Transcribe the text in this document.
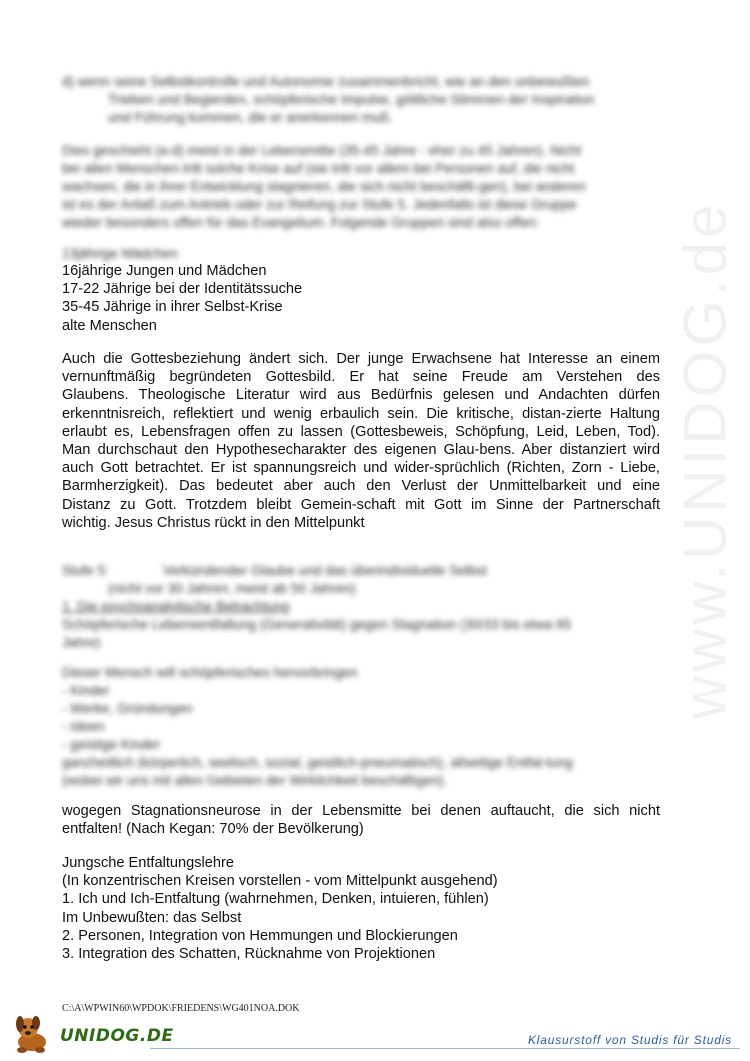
www.UNIDOG.de
d) wenn seine Selbstkontrolle und Autonomie zusammenbricht, wie an den unbewußten
Trieben und Begierden, schöpferische Impulse, göttliche Stimmen der Inspiration
und Führung kommen, die er anerkennen muß.
Dies geschieht (a-d) meist in der Lebensmitte (35-45 Jahre - eher zu 45 Jahren). Nicht
bei allen Menschen tritt solche Krise auf (sie tritt vor allem bei Personen auf, die nicht
wachsen, die in ihrer Entwicklung stagnieren, die sich nicht beschäfti-gen), bei anderen
ist es der Anlaß zum Antrieb oder zur Reifung zur Stufe 5. Jedenfalls ist diese Gruppe
wieder besonders offen für das Evangelium. Folgende Gruppen sind also offen:
13jährige Mädchen
16jährige Jungen und Mädchen
17-22 Jährige bei der Identitätssuche
35-45 Jährige in ihrer Selbst-Krise
alte Menschen
Auch die Gottesbeziehung ändert sich. Der junge Erwachsene hat Interesse an einem
vernunftmäßig begründeten Gottesbild. Er hat seine Freude am Verstehen des
Glaubens. Theologische Literatur wird aus Bedürfnis gelesen und Andachten dürfen
erkenntnisreich, reflektiert und wenig erbaulich sein. Die kritische, distan-zierte Haltung
erlaubt es, Lebensfragen offen zu lassen (Gottesbeweis, Schöpfung, Leid, Leben, Tod).
Man durchschaut den Hypothesecharakter des eigenen Glau-bens. Aber distanziert wird
auch Gott betrachtet. Er ist spannungsreich und wider-sprüchlich (Richten, Zorn - Liebe,
Barmherzigkeit). Das bedeutet aber auch den Verlust der Unmittelbarkeit und eine
Distanz zu Gott. Trotzdem bleibt Gemein-schaft mit Gott im Sinne der Partnerschaft
wichtig. Jesus Christus rückt in den Mittelpunkt
Stufe 5:	Verkündender Glaube und das überindividuelle Selbst
(nicht vor 30 Jahren, meist ab 50 Jahren)
1. Die psychoanalytische Betrachtung
Schöpferische Lebensentfaltung (Generativität) gegen Stagnation (30/33 bis etwa 65
Jahre)
Dieser Mensch will schöpferisches hervorbringen
- Kinder
- Werke, Gründungen
- Ideen
- geistige Kinder
ganzheitlich (körperlich, seelisch, sozial, geistlich-pneumatisch), allseitige Entfal-tung
(wobei wir uns mit allen Gebieten der Wirklichkeit beschäftigen).
wogegen Stagnationsneurose in der Lebensmitte bei denen auftaucht, die sich nicht
entfalten! (Nach Kegan: 70% der Bevölkerung)
Jungsche Entfaltungslehre
(In konzentrischen Kreisen vorstellen - vom Mittelpunkt ausgehend)
1. Ich und Ich-Entfaltung (wahrnehmen, Denken, intuieren, fühlen)
Im Unbewußten: das Selbst
2. Personen, Integration von Hemmungen und Blockierungen
3. Integration des Schatten, Rücknahme von Projektionen
C:\A\WPWIN60\WPDOK\FRIEDENS\WG401NOA.DOK
UNIDOG.DE	Klausurstoff von Studis für Studis
